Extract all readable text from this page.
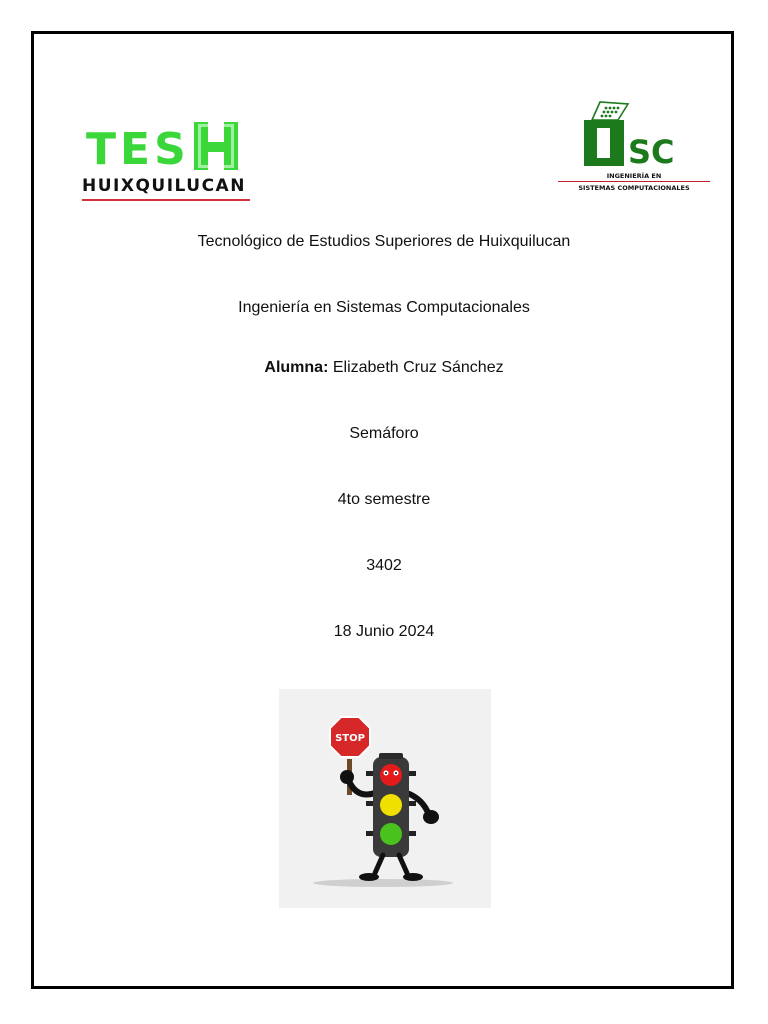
TES
HUIXQUILUCAN
SC
INGENIERÍA EN
SISTEMAS COMPUTACIONALES
Tecnológico de Estudios Superiores de Huixquilucan
Ingeniería en Sistemas Computacionales
Alumna: Elizabeth Cruz Sánchez
Semáforo
4to semestre
3402
18 Junio 2024
STOP
